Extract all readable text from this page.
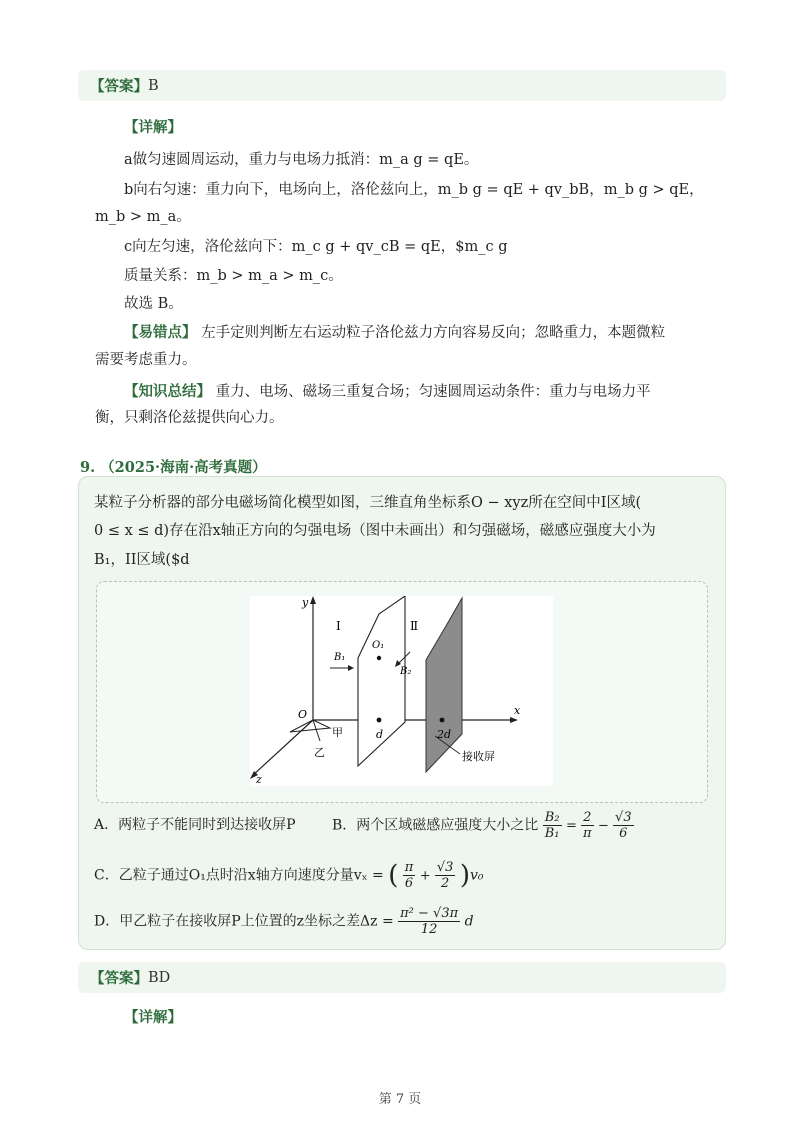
【答案】 B
【详解】
a做匀速圆周运动，重力与电场力抵消：m_a g = qE。
b向右匀速：重力向下，电场向上，洛伦兹向上，m_b g = qE + qv_bB，m_b g > qE，
m_b > m_a。
c向左匀速，洛伦兹向下：m_c g + qv_cB = qE，$m_c g
质量关系：m_b > m_a > m_c。
故选 B。
【易错点】 左手定则判断左右运动粒子洛伦兹力方向容易反向；忽略重力，本题微粒
需要考虑重力。
【知识总结】 重力、电场、磁场三重复合场；匀速圆周运动条件：重力与电场力平
衡，只剩洛伦兹提供向心力。
9. （2025·海南·高考真题）
某粒子分析器的部分电磁场简化模型如图，三维直角坐标系O − xyz所在空间中I区域(
0 ≤ x ≤ d)存在沿x轴正方向的匀强电场（图中未画出）和匀强磁场，磁感应强度大小为
B₁，II区域($d
y
x
z
O
d	2d
Ⅰ	Ⅱ
B₁
B₂
O₁
甲
乙	接收屏
A．两粒子不能同时到达接收屏P	B．两个区域磁感应强度大小之比 $\frac{\text{B₂}}{\text{B₁}} = \frac{2}{\pi} - \frac{√3}{6}$
C．乙粒子通过O₁点时沿x轴方向速度分量vₓ = ( $\frac{\pi}{6} + \frac{√3}{2} )v_0$
D．甲乙粒子在接收屏P上位置的z坐标之差$\Delta z = \frac{\text{π² − √3π}}{12}$ d
【答案】 BD
【详解】
第 7 页
